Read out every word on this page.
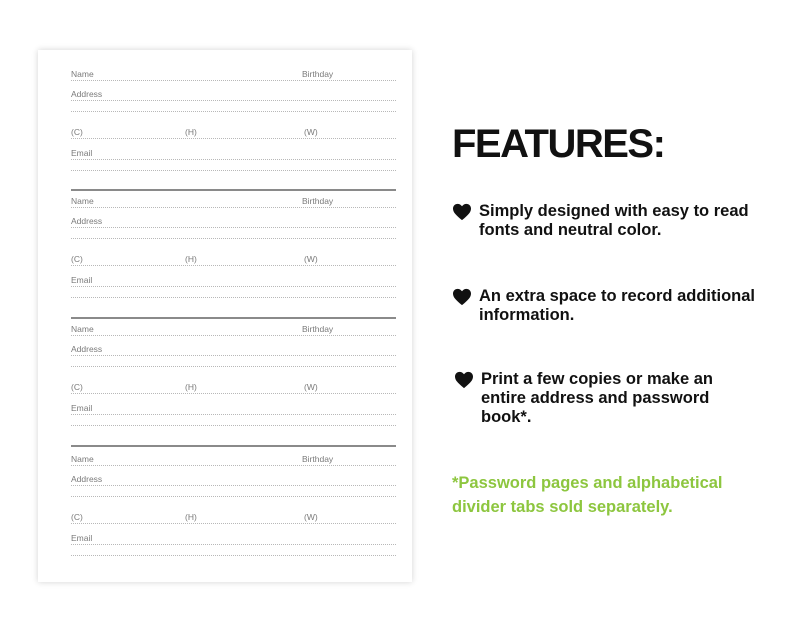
Name	Birthday
Address
(C)	(H)	(W)
Email
Name	Birthday
Address
(C)	(H)	(W)
Email
Name	Birthday
Address
(C)	(H)	(W)
Email
Name	Birthday
Address
(C)	(H)	(W)
Email
FEATURES:
Simply designed with easy to read fonts and neutral color.
An extra space to record additional information.
Print a few copies or make an entire address and password book*.
*Password pages and alphabetical divider tabs sold separately.
